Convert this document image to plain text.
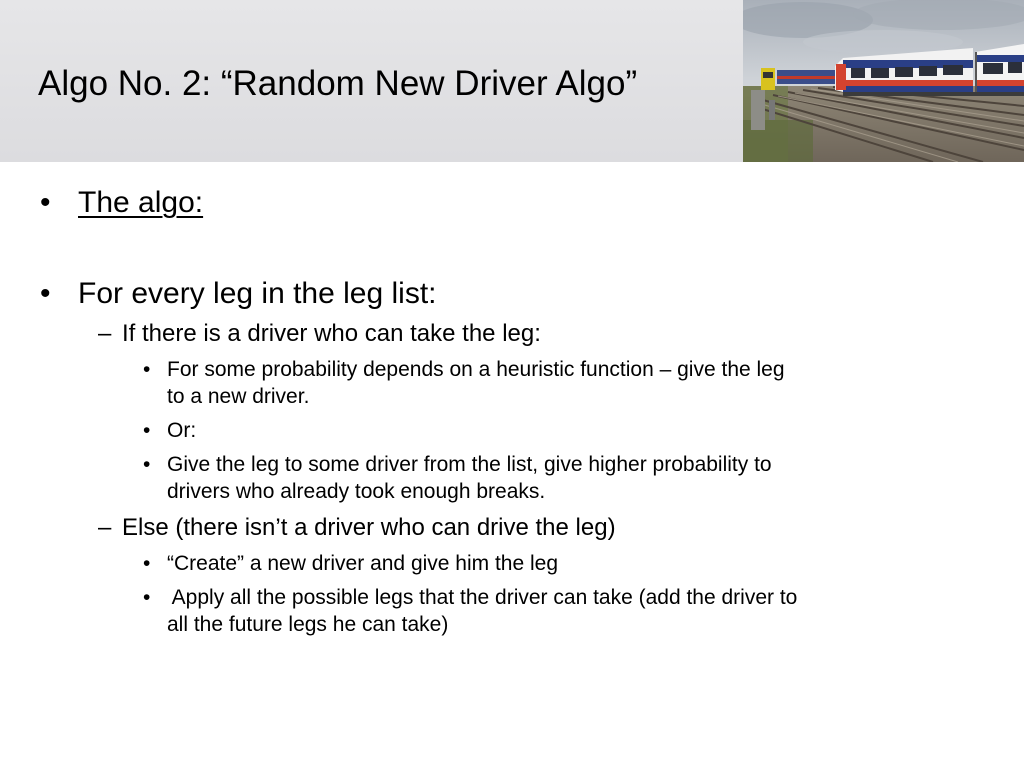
Algo No. 2: “Random New Driver Algo”
• The algo:
• For every leg in the leg list:
– If there is a driver who can take the leg:
• For some probability depends on a heuristic function – give the leg
to a new driver.
• Or:
• Give the leg to some driver from the list, give higher probability to
drivers who already took enough breaks.
– Else (there isn’t a driver who can drive the leg)
• “Create” a new driver and give him the leg
• Apply all the possible legs that the driver can take (add the driver to
all the future legs he can take)
